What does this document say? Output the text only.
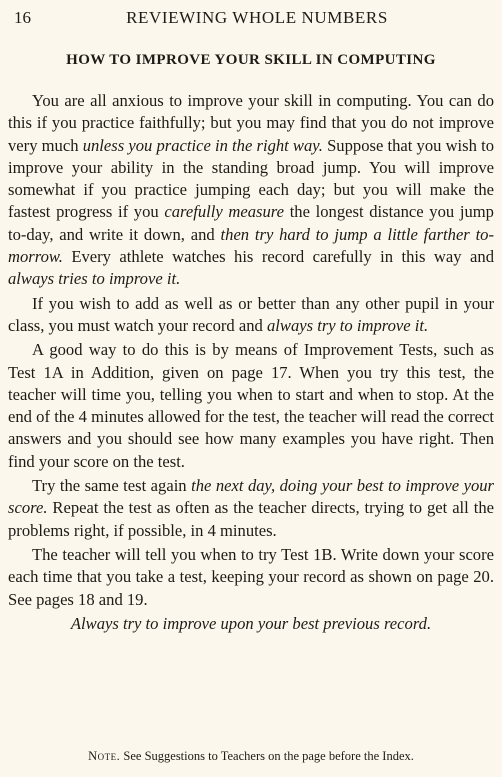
16	REVIEWING WHOLE NUMBERS
HOW TO IMPROVE YOUR SKILL IN COMPUTING

You are all anxious to improve your skill in computing. You can do this if you practice faithfully; but you may find that you do not improve very much unless you practice in the right way. Suppose that you wish to improve your ability in the standing broad jump. You will improve somewhat if you practice jumping each day; but you will make the fastest progress if you carefully measure the longest distance you jump to-day, and write it down, and then try hard to jump a little farther to-morrow. Every athlete watches his record carefully in this way and always tries to improve it.

If you wish to add as well as or better than any other pupil in your class, you must watch your record and always try to improve it.

A good way to do this is by means of Improvement Tests, such as Test 1A in Addition, given on page 17. When you try this test, the teacher will time you, telling you when to start and when to stop. At the end of the 4 minutes allowed for the test, the teacher will read the correct answers and you should see how many examples you have right. Then find your score on the test.

Try the same test again the next day, doing your best to improve your score. Repeat the test as often as the teacher directs, trying to get all the problems right, if possible, in 4 minutes.

The teacher will tell you when to try Test 1B. Write down your score each time that you take a test, keeping your record as shown on page 20. See pages 18 and 19.

Always try to improve upon your best previous record.

Note. See Suggestions to Teachers on the page before the Index.
